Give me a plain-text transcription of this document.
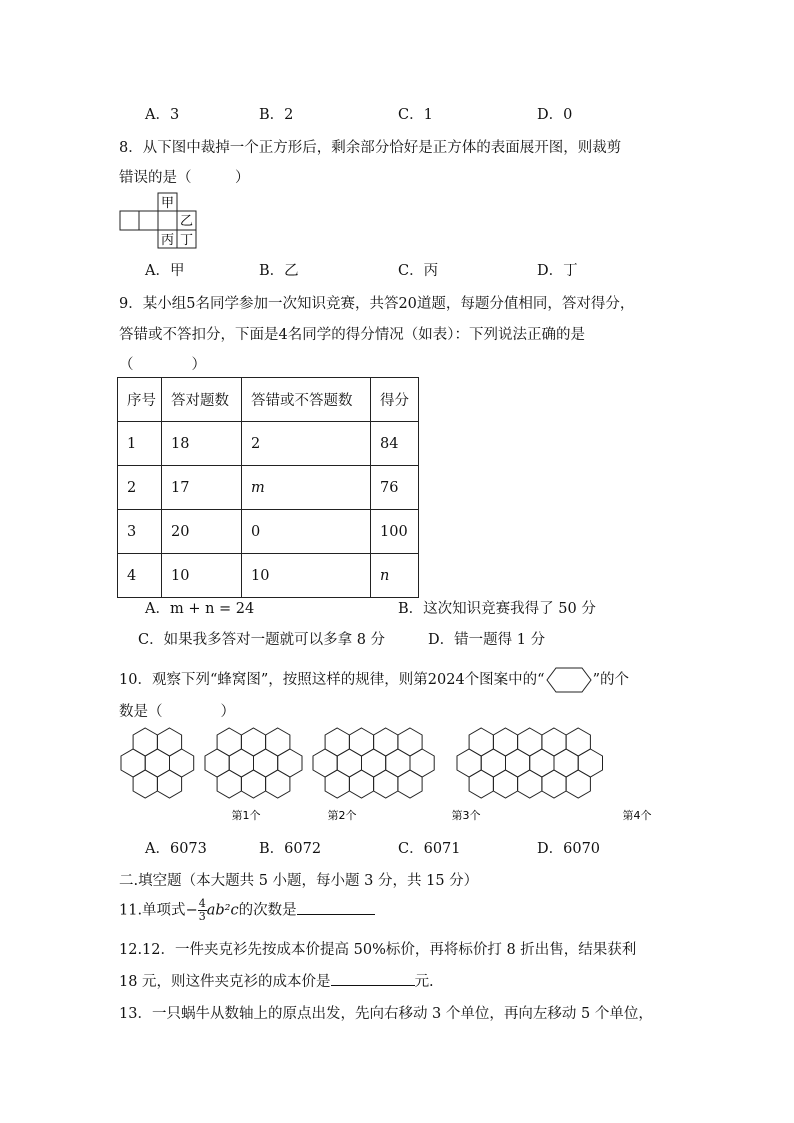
A．3	B．2	C．1	D．0
8．从下图中裁掉一个正方形后，剩余部分恰好是正方体的表面展开图，则裁剪
错误的是（　　　）
甲
乙
丙 丁
A．甲	B．乙	C．丙	D．丁
9．某小组5名同学参加一次知识竞赛，共答20道题，每题分值相同，答对得分，
答错或不答扣分，下面是4名同学的得分情况（如表）：下列说法正确的是
（　　　　）
序号	答对题数	答错或不答题数	得分
1	18	2	84
2	17	m	76
3	20	0	100
4	10	10	n
A．m + n = 24	B．这次知识竞赛我得了 50 分
C．如果我多答对一题就可以多拿 8 分	D．错一题得 1 分
10．观察下列“蜂窝图”，按照这样的规律，则第2024个图案中的“	”的个
数是（　　　　）
第1个	第2个	第3个	第4个
A．6073	B．6072	C．6071	D．6070
二.填空题（本大题共 5 小题，每小题 3 分，共 15 分）
11.单项式− $\frac{4}{3} ab^2c$的次数是
12.12．一件夹克衫先按成本价提高 50%标价，再将标价打 8 折出售，结果获利
18 元，则这件夹克衫的成本价是	元.
13．一只蜗牛从数轴上的原点出发，先向右移动 3 个单位，再向左移动 5 个单位，
